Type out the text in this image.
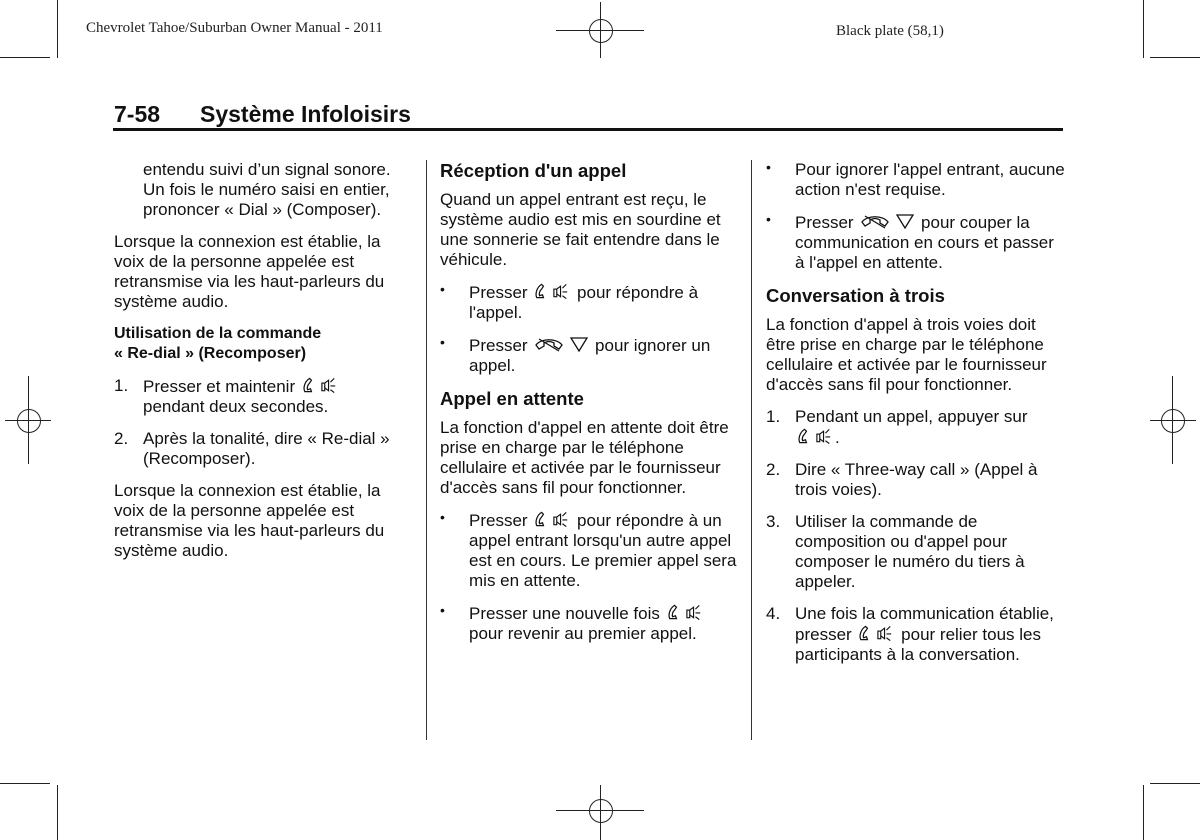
Chevrolet Tahoe/Suburban Owner Manual - 2011	Black plate (58,1)
7-58 Système Infoloisirs

entendu suivi d’un signal sonore. Un fois le numéro saisi en entier, prononcer « Dial » (Composer).

Lorsque la connexion est établie, la voix de la personne appelée est retransmise via les haut-parleurs du système audio.

Utilisation de la commande
« Re-dial » (Recomposer)
1. Presser et maintenir
pendant deux secondes.
2. Après la tonalité, dire « Re-dial » (Recomposer).

Lorsque la connexion est établie, la voix de la personne appelée est retransmise via les haut-parleurs du système audio.

Réception d'un appel

Quand un appel entrant est reçu, le système audio est mis en sourdine et une sonnerie se fait entendre dans le véhicule.

• Presser	pour répondre à l'appel.
• Presser	pour ignorer un appel.
Appel en attente

La fonction d'appel en attente doit être prise en charge par le téléphone cellulaire et activée par le fournisseur d'accès sans fil pour fonctionner.

• Presser	pour répondre à un appel entrant lorsqu'un autre appel est en cours. Le premier appel sera mis en attente.
• Presser une nouvelle fois  pour revenir au premier appel.
• Pour ignorer l'appel entrant, aucune action n'est requise.
• Presser	pour couper la communication en cours et passer à l'appel en attente.
Conversation à trois

La fonction d'appel à trois voies doit être prise en charge par le téléphone cellulaire et activée par le fournisseur d'accès sans fil pour fonctionner.

1. Pendant un appel, appuyer sur
.
2. Dire « Three-way call » (Appel à trois voies).
3. Utiliser la commande de composition ou d'appel pour composer le numéro du tiers à appeler.
4. Une fois la communication établie, presser	pour relier tous les participants à la conversation.
